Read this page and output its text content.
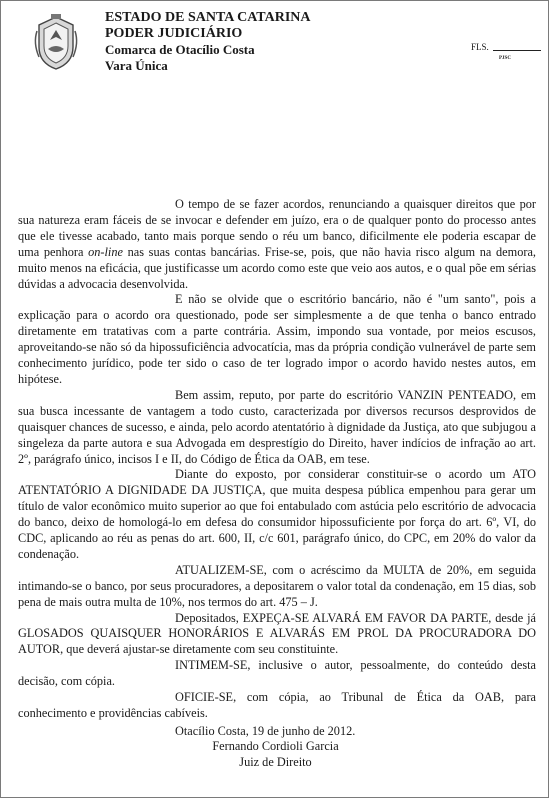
ESTADO DE SANTA CATARINA
PODER JUDICIÁRIO
Comarca de Otacílio Costa
Vara Única
FLS.
PJSC

O tempo de se fazer acordos, renunciando a quaisquer direitos que por sua natureza eram fáceis de se invocar e defender em juízo, era o de qualquer ponto do processo antes que ele tivesse acabado, tanto mais porque sendo o réu um banco, dificilmente ele poderia escapar de uma penhora on-line nas suas contas bancárias. Frise-se, pois, que não havia risco algum na demora, muito menos na eficácia, que justificasse um acordo como este que veio aos autos, e o qual põe em sérias dúvidas a advocacia desenvolvida.

E não se olvide que o escritório bancário, não é "um santo", pois a explicação para o acordo ora questionado, pode ser simplesmente a de que tenha o banco entrado diretamente em tratativas com a parte contrária. Assim, impondo sua vontade, por meios escusos, aproveitando-se não só da hipossuficiência advocatícia, mas da própria condição vulnerável de parte sem conhecimento jurídico, pode ter sido o caso de ter logrado impor o acordo havido nestes autos, em hipótese.

Bem assim, reputo, por parte do escritório VANZIN PENTEADO, em sua busca incessante de vantagem a todo custo, caracterizada por diversos recursos desprovidos de quaisquer chances de sucesso, e ainda, pelo acordo atentatório à dignidade da Justiça, ato que subjugou a singeleza da parte autora e sua Advogada em desprestígio do Direito, haver indícios de infração ao art. 2º, parágrafo único, incisos I e II, do Código de Ética da OAB, em tese.

Diante do exposto, por considerar constituir-se o acordo um ATO ATENTATÓRIO A DIGNIDADE DA JUSTIÇA, que muita despesa pública empenhou para gerar um título de valor econômico muito superior ao que foi entabulado com astúcia pelo escritório de advocacia do banco, deixo de homologá-lo em defesa do consumidor hipossuficiente por força do art. 6º, VI, do CDC, aplicando ao réu as penas do art. 600, II, c/c 601, parágrafo único, do CPC, em 20% do valor da condenação.

ATUALIZEM-SE, com o acréscimo da MULTA de 20%, em seguida intimando-se o banco, por seus procuradores, a depositarem o valor total da condenação, em 15 dias, sob pena de mais outra multa de 10%, nos termos do art. 475 – J.

Depositados, EXPEÇA-SE ALVARÁ EM FAVOR DA PARTE, desde já GLOSADOS QUAISQUER HONORÁRIOS E ALVARÁS EM PROL DA PROCURADORA DO AUTOR, que deverá ajustar-se diretamente com seu constituinte.

INTIMEM-SE, inclusive o autor, pessoalmente, do conteúdo desta decisão, com cópia.

OFICIE-SE, com cópia, ao Tribunal de Ética da OAB, para conhecimento e providências cabíveis.

Otacílio Costa, 19 de junho de 2012.

Fernando Cordioli Garcia
Juiz de Direito
